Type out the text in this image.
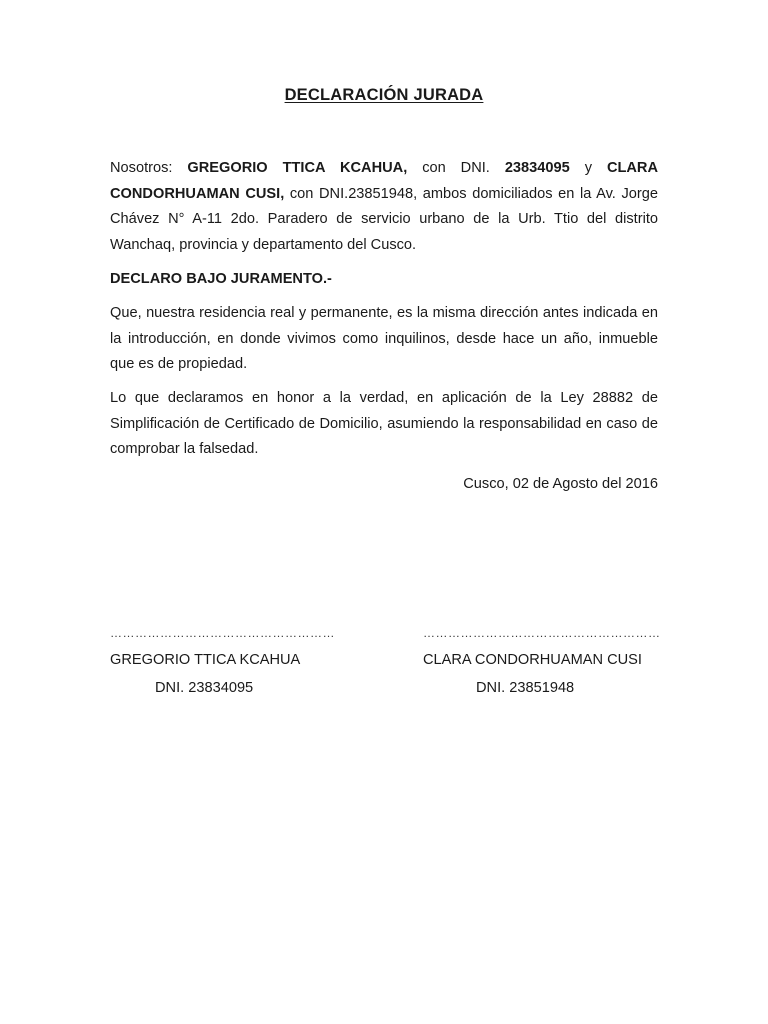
DECLARACIÓN JURADA
Nosotros: GREGORIO TTICA KCAHUA, con DNI. 23834095 y CLARA CONDORHUAMAN CUSI, con DNI.23851948, ambos domiciliados en la Av. Jorge Chávez N° A-11 2do. Paradero de servicio urbano de la Urb. Ttio del distrito Wanchaq, provincia y departamento del Cusco.
DECLARO BAJO JURAMENTO.-
Que, nuestra residencia real y permanente, es la misma dirección antes indicada en la introducción, en donde vivimos como inquilinos, desde hace un año, inmueble que es de propiedad.
Lo que declaramos en honor a la verdad, en aplicación de la Ley 28882 de Simplificación de Certificado de Domicilio, asumiendo la responsabilidad en caso de comprobar la falsedad.
Cusco, 02 de Agosto del 2016
………………………………………………	…………………………………………………
GREGORIO TTICA KCAHUA	CLARA CONDORHUAMAN CUSI
DNI. 23834095	DNI. 23851948
